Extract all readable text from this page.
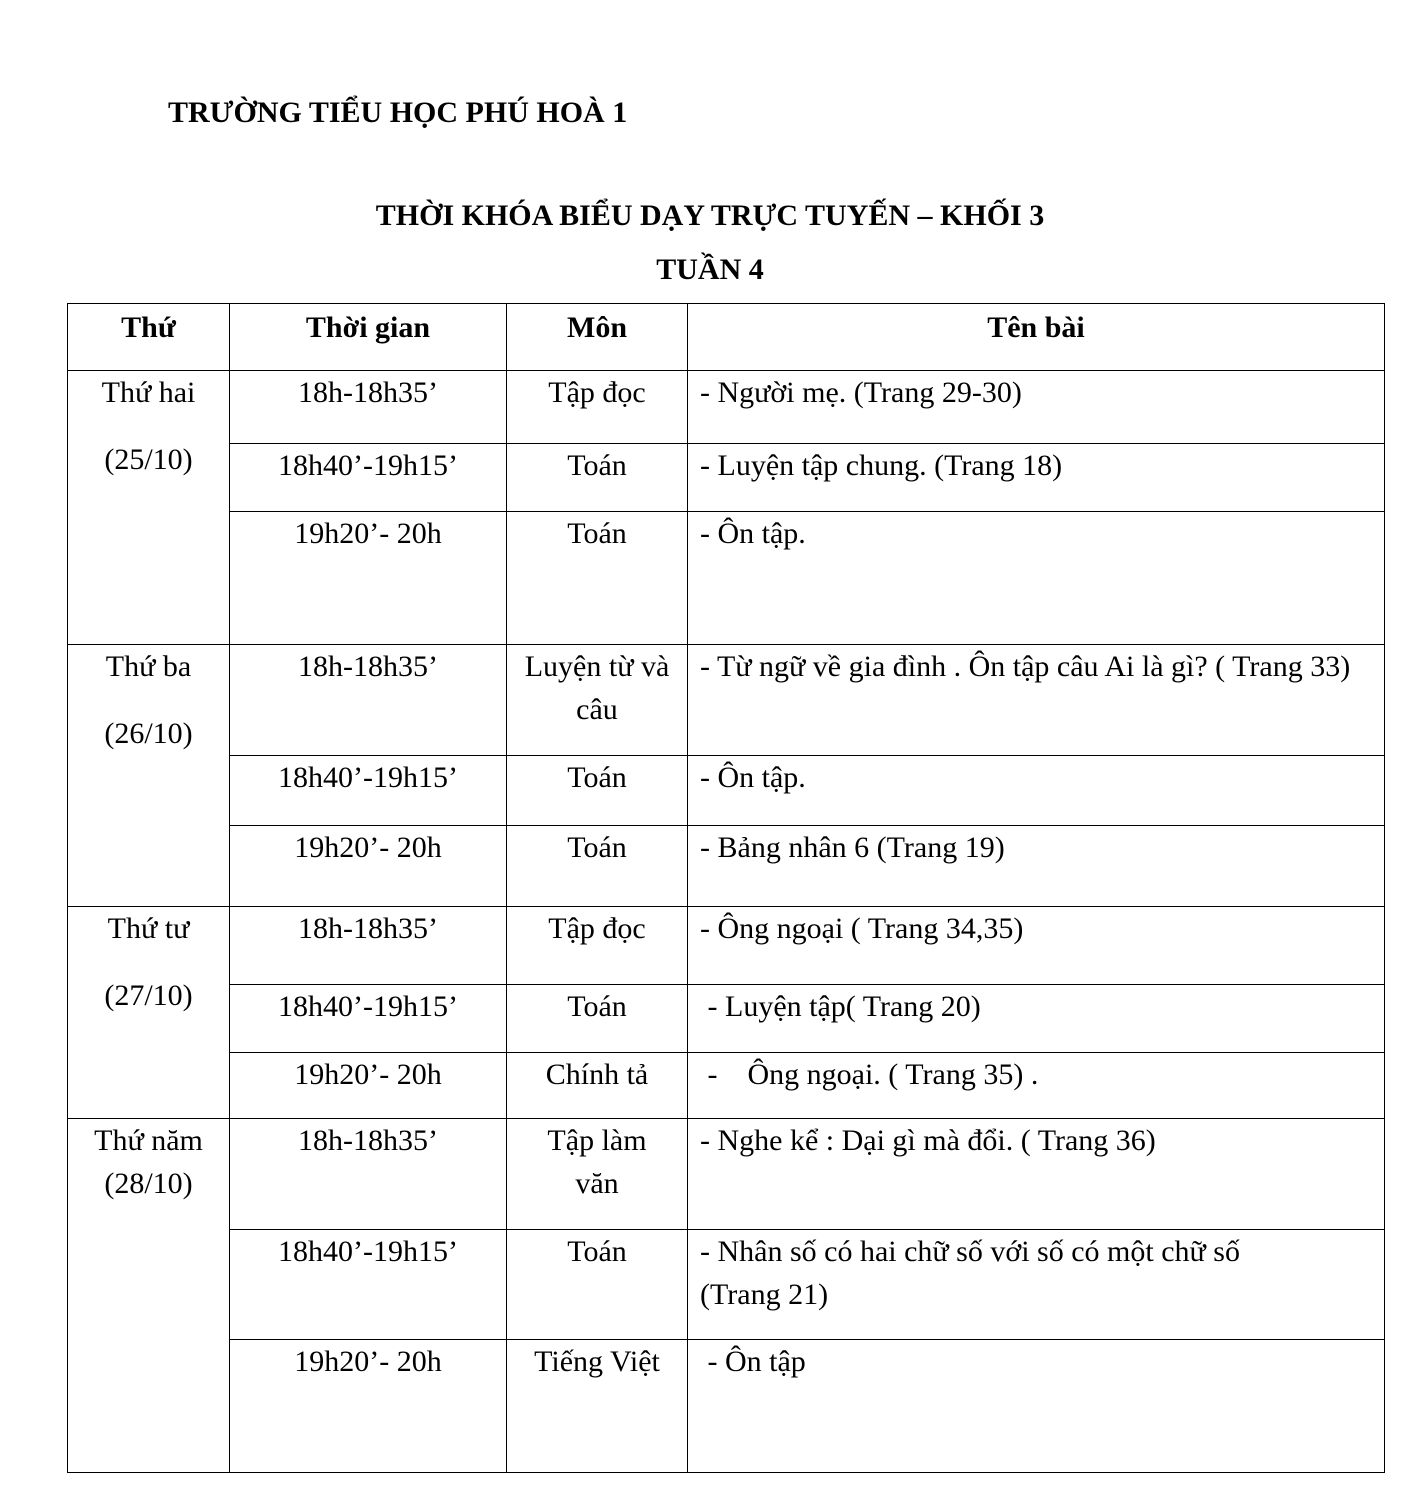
TRƯỜNG TIỂU HỌC PHÚ HOÀ 1
THỜI KHÓA BIỂU DẠY TRỰC TUYẾN – KHỐI 3
TUẦN 4
Thứ	Thời gian	Môn	Tên bài

Thứ hai
(25/10)	18h-18h35’	Tập đọc	- Người mẹ. (Trang 29-30)
	18h40’-19h15’	Toán	- Luyện tập chung. (Trang 18)
	19h20’- 20h	Toán	- Ôn tập.

Thứ ba
(26/10)	18h-18h35’	Luyện từ và câu	- Từ ngữ về gia đình . Ôn tập câu Ai là gì? ( Trang 33)
	18h40’-19h15’	Toán	- Ôn tập.
	19h20’- 20h	Toán	- Bảng nhân 6 (Trang 19)

Thứ tư
(27/10)	18h-18h35’	Tập đọc	- Ông ngoại ( Trang 34,35)
	18h40’-19h15’	Toán	- Luyện tập( Trang 20)
	19h20’- 20h	Chính tả	-    Ông ngoại. ( Trang 35) .

Thứ năm
(28/10)	18h-18h35’	Tập làm văn	- Nghe kể : Dại gì mà đổi. ( Trang 36)
	18h40’-19h15’	Toán	- Nhân số có hai chữ số với số có một chữ số (Trang 21)
	19h20’- 20h	Tiếng Việt	- Ôn tập
